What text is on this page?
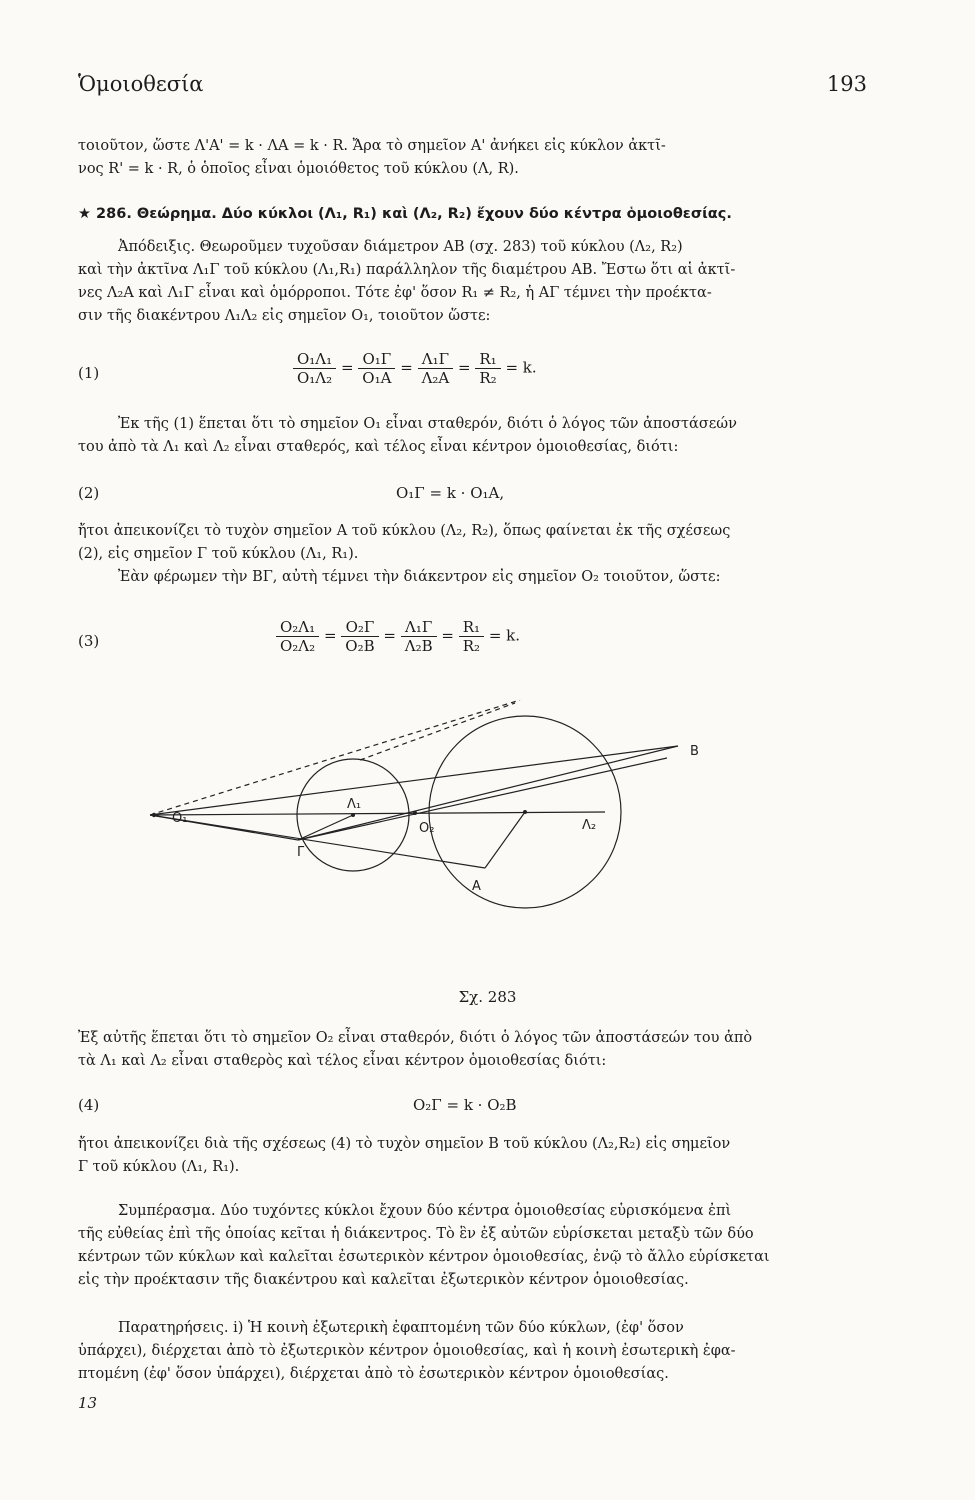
Ὁμοιοθεσία	193

τοιοῦτον, ὥστε Λ'Α' = k · ΛΑ = k · R. Ἄρα τὸ σημεῖον Α' ἀνήκει εἰς κύκλον ἀκτῖ-

νος R' = k · R, ὁ ὁποῖος εἶναι ὁμοιόθετος τοῦ κύκλου (Λ, R).

★ 286. Θεώρημα. Δύο κύκλοι (Λ₁, R₁) καὶ (Λ₂, R₂) ἔχουν δύο κέντρα ὁμοιοθεσίας.

Ἀπόδειξις. Θεωροῦμεν τυχοῦσαν διάμετρον ΑΒ (σχ. 283) τοῦ κύκλου (Λ₂, R₂)

καὶ τὴν ἀκτῖνα Λ₁Γ τοῦ κύκλου (Λ₁,R₁) παράλληλον τῆς διαμέτρου ΑΒ. Ἔστω ὅτι αἱ ἀκτῖ-

νες Λ₂Α καὶ Λ₁Γ εἶναι καὶ ὁμόρροποι. Τότε ἐφ' ὅσον R₁ ≠ R₂, ἡ ΑΓ τέμνει τὴν προέκτα-

σιν τῆς διακέντρου Λ₁Λ₂ εἰς σημεῖον Ο₁, τοιοῦτον ὥστε:

(1)	$\frac{\text{Ο₁Λ₁}}{\text{Ο₁Λ₂}} = \frac{\text{Ο₁Γ}}{\text{Ο₁Α}} = \frac{\text{Λ₁Γ}}{\text{Λ₂Α}} = \frac{\text{R₁}}{\text{R₂}} = k$.

Ἐκ τῆς (1) ἕπεται ὅτι τὸ σημεῖον Ο₁ εἶναι σταθερόν, διότι ὁ λόγος τῶν ἀποστάσεών

του ἀπὸ τὰ Λ₁ καὶ Λ₂ εἶναι σταθερός, καὶ τέλος εἶναι κέντρον ὁμοιοθεσίας, διότι:

(2)	Ο₁Γ = k · Ο₁Α,

ἤτοι ἀπεικονίζει τὸ τυχὸν σημεῖον Α τοῦ κύκλου (Λ₂, R₂), ὅπως φαίνεται ἐκ τῆς σχέσεως

(2), εἰς σημεῖον Γ τοῦ κύκλου (Λ₁, R₁).

Ἐὰν φέρωμεν τὴν ΒΓ, αὐτὴ τέμνει τὴν διάκεντρον εἰς σημεῖον Ο₂ τοιοῦτον, ὥστε:

(3)	$\frac{\text{Ο₂Λ₁}}{\text{Ο₂Λ₂}} = \frac{\text{Ο₂Γ}}{\text{Ο₂Β}} = \frac{\text{Λ₁Γ}}{\text{Λ₂Β}} = \frac{\text{R₁}}{\text{R₂}} = k$.
Ο₁
Λ₁
Ο₂	Λ₂
Γ
Α
Β
Σχ. 283

Ἐξ αὐτῆς ἕπεται ὅτι τὸ σημεῖον Ο₂ εἶναι σταθερόν, διότι ὁ λόγος τῶν ἀποστάσεών του ἀπὸ

τὰ Λ₁ καὶ Λ₂ εἶναι σταθερὸς καὶ τέλος εἶναι κέντρον ὁμοιοθεσίας διότι:

(4)	Ο₂Γ = k · Ο₂Β

ἤτοι ἀπεικονίζει διὰ τῆς σχέσεως (4) τὸ τυχὸν σημεῖον Β τοῦ κύκλου (Λ₂,R₂) εἰς σημεῖον

Γ τοῦ κύκλου (Λ₁, R₁).

Συμπέρασμα. Δύο τυχόντες κύκλοι ἔχουν δύο κέντρα ὁμοιοθεσίας εὑρισκόμενα ἐπὶ

τῆς εὐθείας ἐπὶ τῆς ὁποίας κεῖται ἡ διάκεντρος. Τὸ ἓν ἐξ αὐτῶν εὑρίσκεται μεταξὺ τῶν δύο

κέντρων τῶν κύκλων καὶ καλεῖται ἐσωτερικὸν κέντρον ὁμοιοθεσίας, ἐνῷ τὸ ἄλλο εὑρίσκεται

εἰς τὴν προέκτασιν τῆς διακέντρου καὶ καλεῖται ἐξωτερικὸν κέντρον ὁμοιοθεσίας.

Παρατηρήσεις. i) Ἡ κοινὴ ἐξωτερικὴ ἐφαπτομένη τῶν δύο κύκλων, (ἐφ' ὅσον

ὑπάρχει), διέρχεται ἀπὸ τὸ ἐξωτερικὸν κέντρον ὁμοιοθεσίας, καὶ ἡ κοινὴ ἐσωτερικὴ ἐφα-

πτομένη (ἐφ' ὅσον ὑπάρχει), διέρχεται ἀπὸ τὸ ἐσωτερικὸν κέντρον ὁμοιοθεσίας.

13
